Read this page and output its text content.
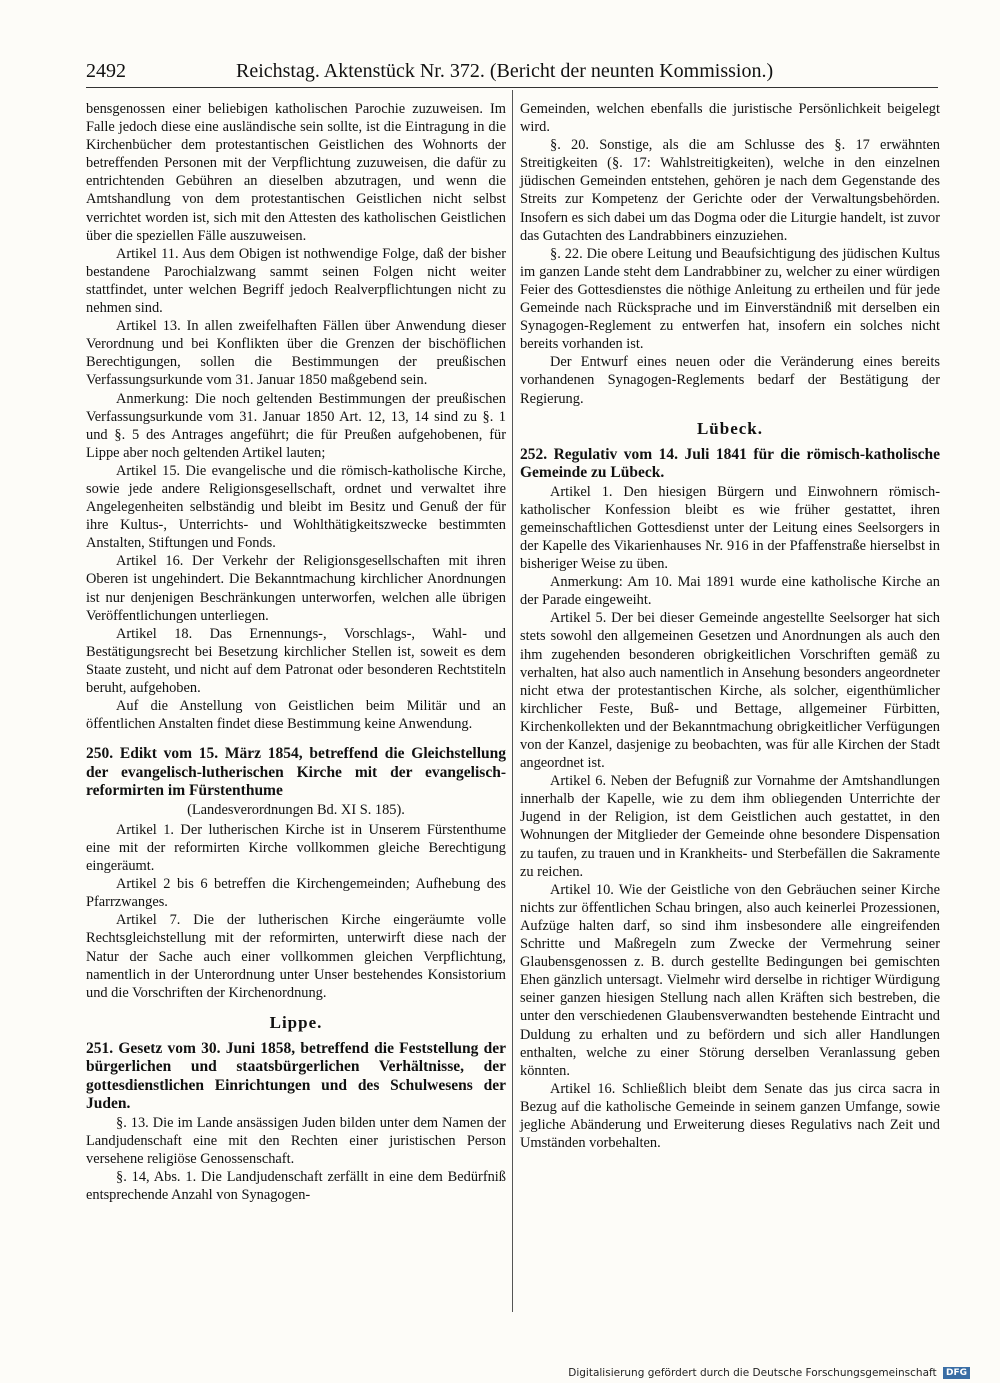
2492	Reichstag. Aktenstück Nr. 372. (Bericht der neunten Kommission.)

bensgenossen einer beliebigen katholischen Parochie zuzuweisen. Im Falle jedoch diese eine ausländische sein sollte, ist die Eintragung in die Kirchenbücher dem protestantischen Geistlichen des Wohnorts der betreffenden Personen mit der Verpflichtung zuzuweisen, die dafür zu entrichtenden Gebühren an dieselben abzutragen, und wenn die Amtshandlung von dem protestantischen Geistlichen nicht selbst verrichtet worden ist, sich mit den Attesten des katholischen Geistlichen über die speziellen Fälle auszuweisen.

Artikel 11. Aus dem Obigen ist nothwendige Folge, daß der bisher bestandene Parochialzwang sammt seinen Folgen nicht weiter stattfindet, unter welchen Begriff jedoch Realverpflichtungen nicht zu nehmen sind.

Artikel 13. In allen zweifelhaften Fällen über Anwendung dieser Verordnung und bei Konflikten über die Grenzen der bischöflichen Berechtigungen, sollen die Bestimmungen der preußischen Verfassungsurkunde vom 31. Januar 1850 maßgebend sein.

Anmerkung: Die noch geltenden Bestimmungen der preußischen Verfassungsurkunde vom 31. Januar 1850 Art. 12, 13, 14 sind zu §. 1 und §. 5 des Antrages angeführt; die für Preußen aufgehobenen, für Lippe aber noch geltenden Artikel lauten;

Artikel 15. Die evangelische und die römisch-katholische Kirche, sowie jede andere Religionsgesellschaft, ordnet und verwaltet ihre Angelegenheiten selbständig und bleibt im Besitz und Genuß der für ihre Kultus-, Unterrichts- und Wohlthätigkeitszwecke bestimmten Anstalten, Stiftungen und Fonds.

Artikel 16. Der Verkehr der Religionsgesellschaften mit ihren Oberen ist ungehindert. Die Bekanntmachung kirchlicher Anordnungen ist nur denjenigen Beschränkungen unterworfen, welchen alle übrigen Veröffentlichungen unterliegen.

Artikel 18. Das Ernennungs-, Vorschlags-, Wahl- und Bestätigungsrecht bei Besetzung kirchlicher Stellen ist, soweit es dem Staate zusteht, und nicht auf dem Patronat oder besonderen Rechtstiteln beruht, aufgehoben.

Auf die Anstellung von Geistlichen beim Militär und an öffentlichen Anstalten findet diese Bestimmung keine Anwendung.

250. Edikt vom 15. März 1854, betreffend die Gleichstellung der evangelisch-lutherischen Kirche mit der evangelisch-reformirten im Fürstenthume
(Landesverordnungen Bd. XI S. 185).

Artikel 1. Der lutherischen Kirche ist in Unserem Fürstenthume eine mit der reformirten Kirche vollkommen gleiche Berechtigung eingeräumt.

Artikel 2 bis 6 betreffen die Kirchengemeinden; Aufhebung des Pfarrzwanges.

Artikel 7. Die der lutherischen Kirche eingeräumte volle Rechtsgleichstellung mit der reformirten, unterwirft diese nach der Natur der Sache auch einer vollkommen gleichen Verpflichtung, namentlich in der Unterordnung unter Unser bestehendes Konsistorium und die Vorschriften der Kirchenordnung.

Lippe.
251. Gesetz vom 30. Juni 1858, betreffend die Feststellung der bürgerlichen und staatsbürgerlichen Verhältnisse, der gottesdienstlichen Einrichtungen und des Schulwesens der Juden.

§. 13. Die im Lande ansässigen Juden bilden unter dem Namen der Landjudenschaft eine mit den Rechten einer juristischen Person versehene religiöse Genossenschaft.

§. 14, Abs. 1. Die Landjudenschaft zerfällt in eine dem Bedürfniß entsprechende Anzahl von Synagogen-

Gemeinden, welchen ebenfalls die juristische Persönlichkeit beigelegt wird.

§. 20. Sonstige, als die am Schlusse des §. 17 erwähnten Streitigkeiten (§. 17: Wahlstreitigkeiten), welche in den einzelnen jüdischen Gemeinden entstehen, gehören je nach dem Gegenstande des Streits zur Kompetenz der Gerichte oder der Verwaltungsbehörden. Insofern es sich dabei um das Dogma oder die Liturgie handelt, ist zuvor das Gutachten des Landrabbiners einzuziehen.

§. 22. Die obere Leitung und Beaufsichtigung des jüdischen Kultus im ganzen Lande steht dem Landrabbiner zu, welcher zu einer würdigen Feier des Gottesdienstes die nöthige Anleitung zu ertheilen und für jede Gemeinde nach Rücksprache und im Einverständniß mit derselben ein Synagogen-Reglement zu entwerfen hat, insofern ein solches nicht bereits vorhanden ist.

Der Entwurf eines neuen oder die Veränderung eines bereits vorhandenen Synagogen-Reglements bedarf der Bestätigung der Regierung.

Lübeck.
252. Regulativ vom 14. Juli 1841 für die römisch-katholische Gemeinde zu Lübeck.

Artikel 1. Den hiesigen Bürgern und Einwohnern römisch-katholischer Konfession bleibt es wie früher gestattet, ihren gemeinschaftlichen Gottesdienst unter der Leitung eines Seelsorgers in der Kapelle des Vikarienhauses Nr. 916 in der Pfaffenstraße hierselbst in bisheriger Weise zu üben.

Anmerkung: Am 10. Mai 1891 wurde eine katholische Kirche an der Parade eingeweiht.

Artikel 5. Der bei dieser Gemeinde angestellte Seelsorger hat sich stets sowohl den allgemeinen Gesetzen und Anordnungen als auch den ihm zugehenden besonderen obrigkeitlichen Vorschriften gemäß zu verhalten, hat also auch namentlich in Ansehung besonders angeordneter nicht etwa der protestantischen Kirche, als solcher, eigenthümlicher kirchlicher Feste, Buß- und Bettage, allgemeiner Fürbitten, Kirchenkollekten und der Bekanntmachung obrigkeitlicher Verfügungen von der Kanzel, dasjenige zu beobachten, was für alle Kirchen der Stadt angeordnet ist.

Artikel 6. Neben der Befugniß zur Vornahme der Amtshandlungen innerhalb der Kapelle, wie zu dem ihm obliegenden Unterrichte der Jugend in der Religion, ist dem Geistlichen auch gestattet, in den Wohnungen der Mitglieder der Gemeinde ohne besondere Dispensation zu taufen, zu trauen und in Krankheits- und Sterbefällen die Sakramente zu reichen.

Artikel 10. Wie der Geistliche von den Gebräuchen seiner Kirche nichts zur öffentlichen Schau bringen, also auch keinerlei Prozessionen, Aufzüge halten darf, so sind ihm insbesondere alle eingreifenden Schritte und Maßregeln zum Zwecke der Vermehrung seiner Glaubensgenossen z. B. durch gestellte Bedingungen bei gemischten Ehen gänzlich untersagt. Vielmehr wird derselbe in richtiger Würdigung seiner ganzen hiesigen Stellung nach allen Kräften sich bestreben, die unter den verschiedenen Glaubensverwandten bestehende Eintracht und Duldung zu erhalten und zu befördern und sich aller Handlungen enthalten, welche zu einer Störung derselben Veranlassung geben könnten.

Artikel 16. Schließlich bleibt dem Senate das jus circa sacra in Bezug auf die katholische Gemeinde in seinem ganzen Umfange, sowie jegliche Abänderung und Erweiterung dieses Regulativs nach Zeit und Umständen vorbehalten.

Digitalisierung gefördert durch die Deutsche Forschungsgemeinschaft DFG
